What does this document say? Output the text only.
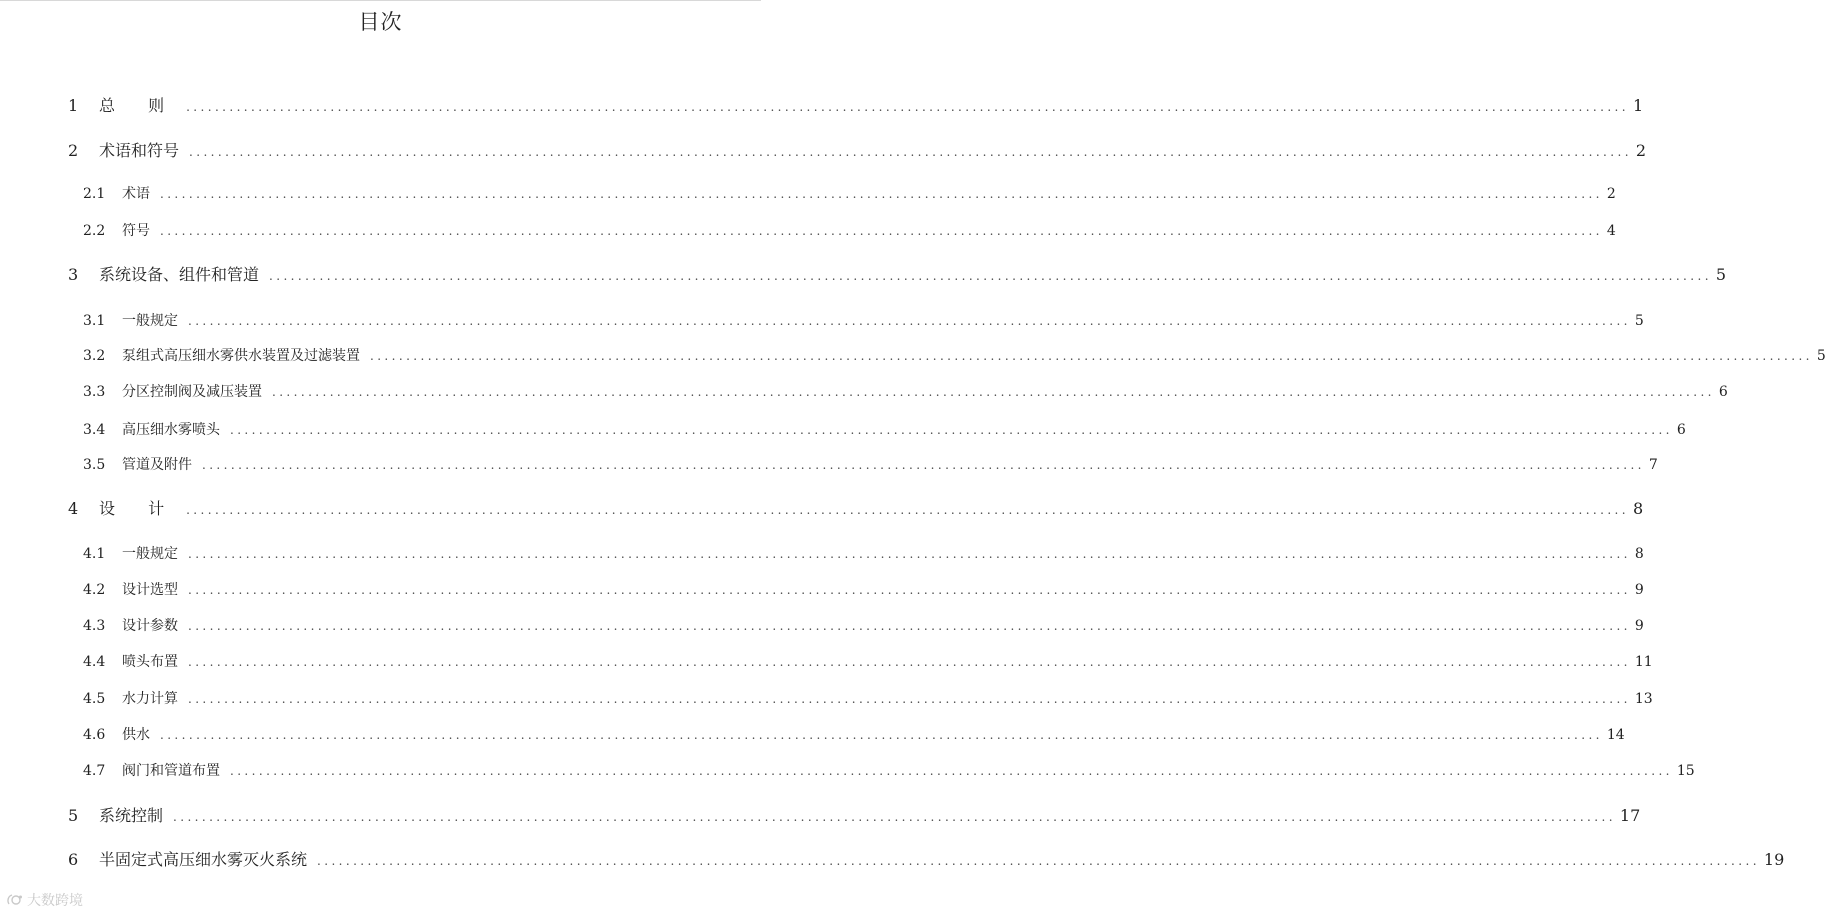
目次
1	总 则 ........................................................................................................................................................................................................ 1
2	术语和符号 ........................................................................................................................................................................................................ 2
2.1	术语 ........................................................................................................................................................................................................ 2
2.2	符号 ........................................................................................................................................................................................................ 4
3	系统设备、组件和管道 ........................................................................................................................................................................................................ 5
3.1	一般规定 ........................................................................................................................................................................................................ 5
3.2	泵组式高压细水雾供水装置及过滤装置 ........................................................................................................................................................................................................ 5
3.3	分区控制阀及减压装置 ........................................................................................................................................................................................................ 6
3.4	高压细水雾喷头 ........................................................................................................................................................................................................ 6
3.5	管道及附件 ........................................................................................................................................................................................................ 7
4	设 计 ........................................................................................................................................................................................................ 8
4.1	一般规定 ........................................................................................................................................................................................................ 8
4.2	设计选型 ........................................................................................................................................................................................................ 9
4.3	设计参数 ........................................................................................................................................................................................................ 9
4.4	喷头布置 ........................................................................................................................................................................................................ 11
4.5	水力计算 ........................................................................................................................................................................................................ 13
4.6	供水 ........................................................................................................................................................................................................ 14
4.7	阀门和管道布置 ........................................................................................................................................................................................................ 15
5	系统控制 ........................................................................................................................................................................................................ 17
6	半固定式高压细水雾灭火系统 ........................................................................................................................................................................................................ 19
大数跨境
